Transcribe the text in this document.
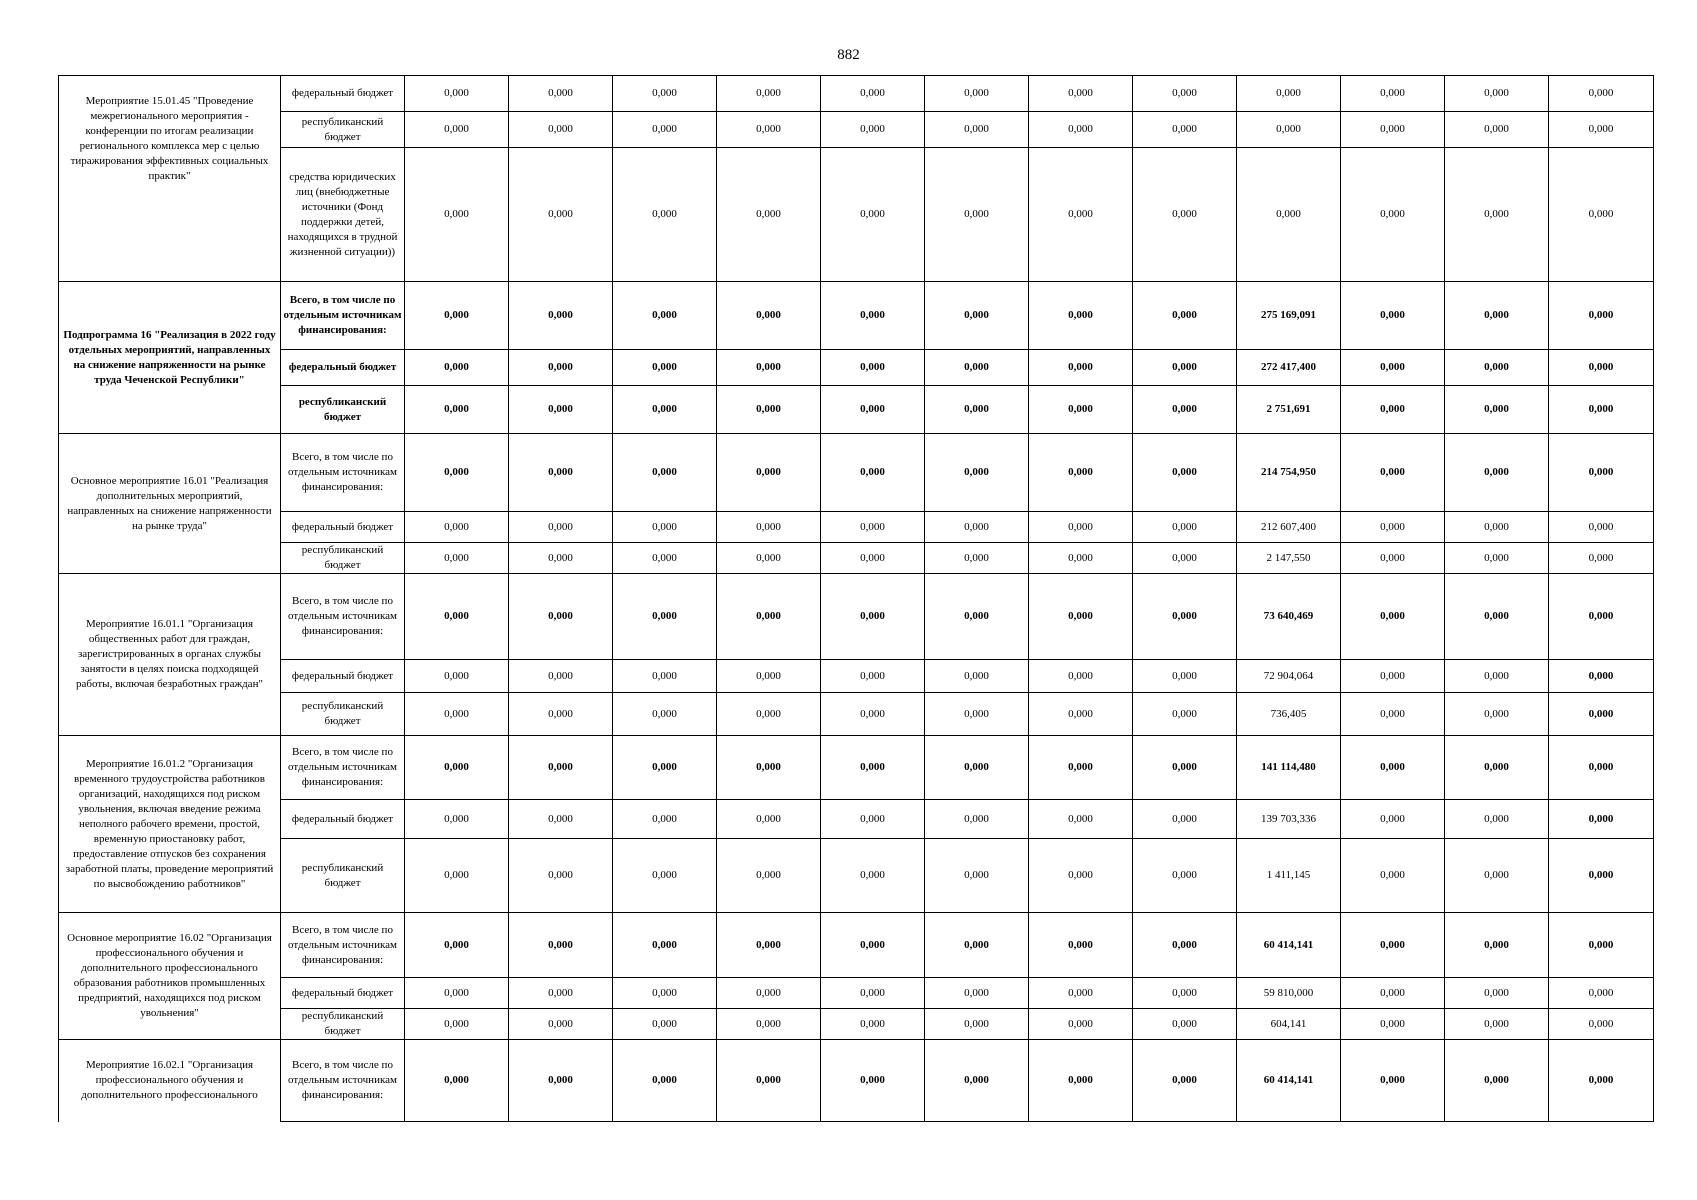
882
Мероприятие 15.01.45 "Проведение межрегионального мероприятия - конференции по итогам реализации регионального комплекса мер с целью тиражирования эффективных социальных практик"	федеральный бюджет	0,000	0,000	0,000	0,000	0,000	0,000	0,000	0,000	0,000	0,000	0,000	0,000
	республиканский бюджет	0,000	0,000	0,000	0,000	0,000	0,000	0,000	0,000	0,000	0,000	0,000	0,000
	средства юридических лиц (внебюджетные источники (Фонд поддержки детей, находящихся в трудной жизненной ситуации))	0,000	0,000	0,000	0,000	0,000	0,000	0,000	0,000	0,000	0,000	0,000	0,000
Подпрограмма 16 "Реализация в 2022 году отдельных мероприятий, направленных на снижение напряженности на рынке труда Чеченской Республики"	Всего, в том числе по отдельным источникам финансирования:	0,000	0,000	0,000	0,000	0,000	0,000	0,000	0,000	275 169,091	0,000	0,000	0,000
	федеральный бюджет	0,000	0,000	0,000	0,000	0,000	0,000	0,000	0,000	272 417,400	0,000	0,000	0,000
	республиканский бюджет	0,000	0,000	0,000	0,000	0,000	0,000	0,000	0,000	2 751,691	0,000	0,000	0,000
Основное мероприятие 16.01 "Реализация дополнительных мероприятий, направленных на снижение напряженности на рынке труда"	Всего, в том числе по отдельным источникам финансирования:	0,000	0,000	0,000	0,000	0,000	0,000	0,000	0,000	214 754,950	0,000	0,000	0,000
	федеральный бюджет	0,000	0,000	0,000	0,000	0,000	0,000	0,000	0,000	212 607,400	0,000	0,000	0,000
	республиканский бюджет	0,000	0,000	0,000	0,000	0,000	0,000	0,000	0,000	2 147,550	0,000	0,000	0,000
Мероприятие 16.01.1 "Организация общественных работ для граждан, зарегистрированных в органах службы занятости в целях поиска подходящей работы, включая безработных граждан"	Всего, в том числе по отдельным источникам финансирования:	0,000	0,000	0,000	0,000	0,000	0,000	0,000	0,000	73 640,469	0,000	0,000	0,000
	федеральный бюджет	0,000	0,000	0,000	0,000	0,000	0,000	0,000	0,000	72 904,064	0,000	0,000	0,000
	республиканский бюджет	0,000	0,000	0,000	0,000	0,000	0,000	0,000	0,000	736,405	0,000	0,000	0,000
Мероприятие 16.01.2 "Организация временного трудоустройства работников организаций, находящихся под риском увольнения, включая введение режима неполного рабочего времени, простой, временную приостановку работ, предоставление отпусков без сохранения заработной платы, проведение мероприятий по высвобождению работников"	Всего, в том числе по отдельным источникам финансирования:	0,000	0,000	0,000	0,000	0,000	0,000	0,000	0,000	141 114,480	0,000	0,000	0,000
	федеральный бюджет	0,000	0,000	0,000	0,000	0,000	0,000	0,000	0,000	139 703,336	0,000	0,000	0,000
	республиканский бюджет	0,000	0,000	0,000	0,000	0,000	0,000	0,000	0,000	1 411,145	0,000	0,000	0,000
Основное мероприятие 16.02 "Организация профессионального обучения и дополнительного профессионального образования работников промышленных предприятий, находящихся под риском увольнения"	Всего, в том числе по отдельным источникам финансирования:	0,000	0,000	0,000	0,000	0,000	0,000	0,000	0,000	60 414,141	0,000	0,000	0,000
	федеральный бюджет	0,000	0,000	0,000	0,000	0,000	0,000	0,000	0,000	59 810,000	0,000	0,000	0,000
	республиканский бюджет	0,000	0,000	0,000	0,000	0,000	0,000	0,000	0,000	604,141	0,000	0,000	0,000
Мероприятие 16.02.1 "Организация профессионального обучения и дополнительного профессионального	Всего, в том числе по отдельным источникам финансирования:	0,000	0,000	0,000	0,000	0,000	0,000	0,000	0,000	60 414,141	0,000	0,000	0,000
